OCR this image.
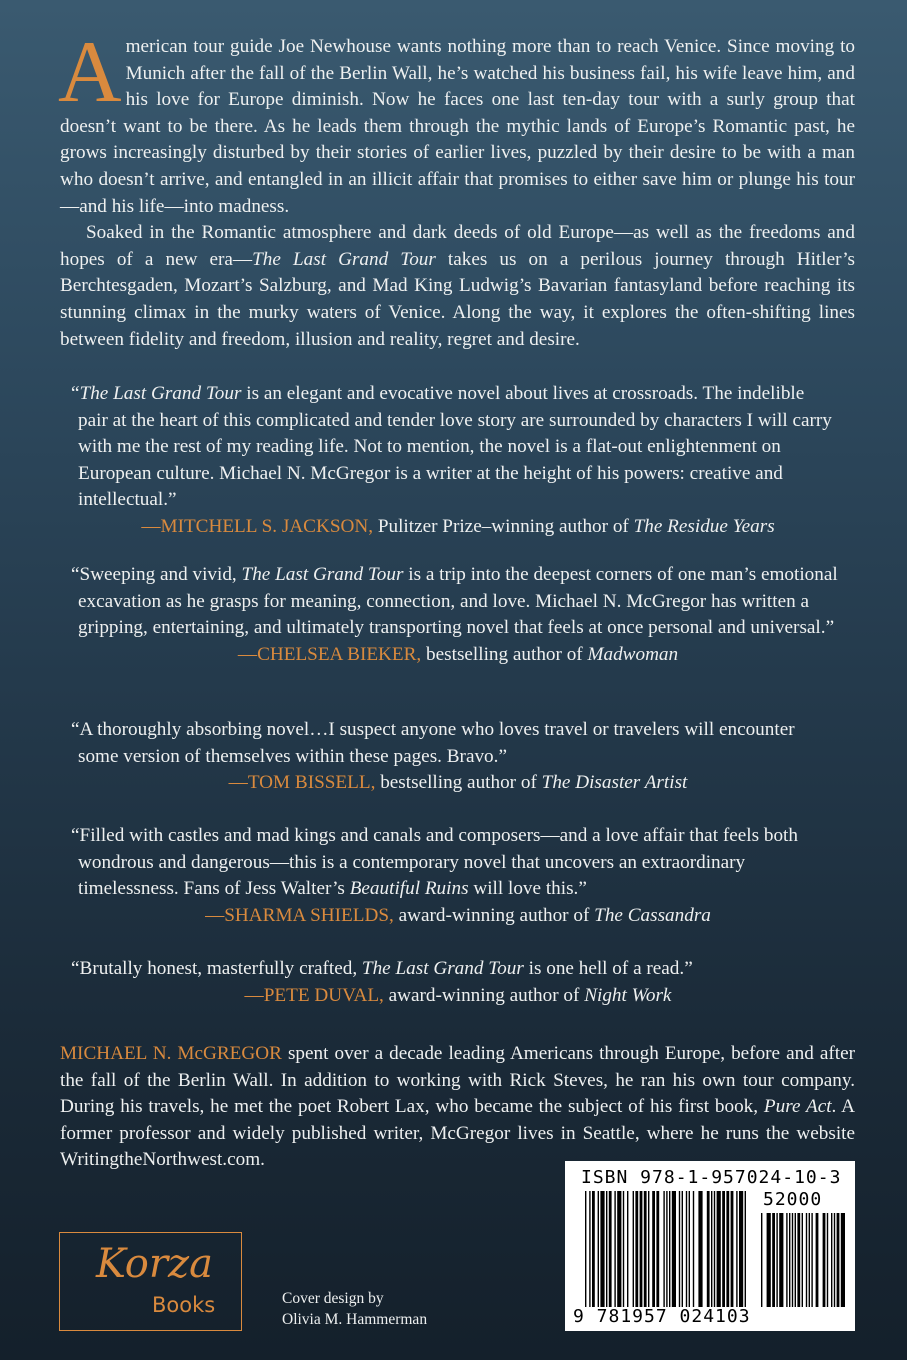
American tour guide Joe Newhouse wants nothing more than to reach Venice. Since moving to Munich after the fall of the Berlin Wall, he’s watched his business fail, his wife leave him, and his love for Europe diminish. Now he faces one last ten-day tour with a surly group that doesn’t want to be there. As he leads them through the mythic lands of Europe’s Romantic past, he grows increasingly disturbed by their stories of earlier lives, puzzled by their desire to be with a man who doesn’t arrive, and entangled in an illicit affair that promises to either save him or plunge his tour—and his life—into madness.

Soaked in the Romantic atmosphere and dark deeds of old Europe—as well as the freedoms and hopes of a new era—The Last Grand Tour takes us on a perilous journey through Hitler’s Berchtesgaden, Mozart’s Salzburg, and Mad King Ludwig’s Bavarian fantasyland before reaching its stunning climax in the murky waters of Venice. Along the way, it explores the often-shifting lines between fidelity and freedom, illusion and reality, regret and desire.

“The Last Grand Tour is an elegant and evocative novel about lives at crossroads. The indelible pair at the heart of this complicated and tender love story are surrounded by characters I will carry with me the rest of my reading life. Not to mention, the novel is a flat-out enlightenment on European culture. Michael N. McGregor is a writer at the height of his powers: creative and intellectual.”
—MITCHELL S. JACKSON, Pulitzer Prize–winning author of The Residue Years
“Sweeping and vivid, The Last Grand Tour is a trip into the deepest corners of one man’s emotional excavation as he grasps for meaning, connection, and love. Michael N. McGregor has written a gripping, entertaining, and ultimately transporting novel that feels at once personal and universal.”
—CHELSEA BIEKER, bestselling author of Madwoman
“A thoroughly absorbing novel…I suspect anyone who loves travel or travelers will encounter some version of themselves within these pages. Bravo.”
—TOM BISSELL, bestselling author of The Disaster Artist
“Filled with castles and mad kings and canals and composers—and a love affair that feels both wondrous and dangerous—this is a contemporary novel that uncovers an extraordinary timelessness. Fans of Jess Walter’s Beautiful Ruins will love this.”
—SHARMA SHIELDS, award-winning author of The Cassandra
“Brutally honest, masterfully crafted, The Last Grand Tour is one hell of a read.”
—PETE DUVAL, award-winning author of Night Work
MICHAEL N. McGREGOR spent over a decade leading Americans through Europe, before and after the fall of the Berlin Wall. In addition to working with Rick Steves, he ran his own tour company. During his travels, he met the poet Robert Lax, who became the subject of his first book, Pure Act. A former professor and widely published writer, McGregor lives in Seattle, where he runs the website WritingtheNorthwest.com.
ISBN 978-1-957024-10-3
52000
9 781957 024103
Korza
Books	Cover design by
Olivia M. Hammerman
